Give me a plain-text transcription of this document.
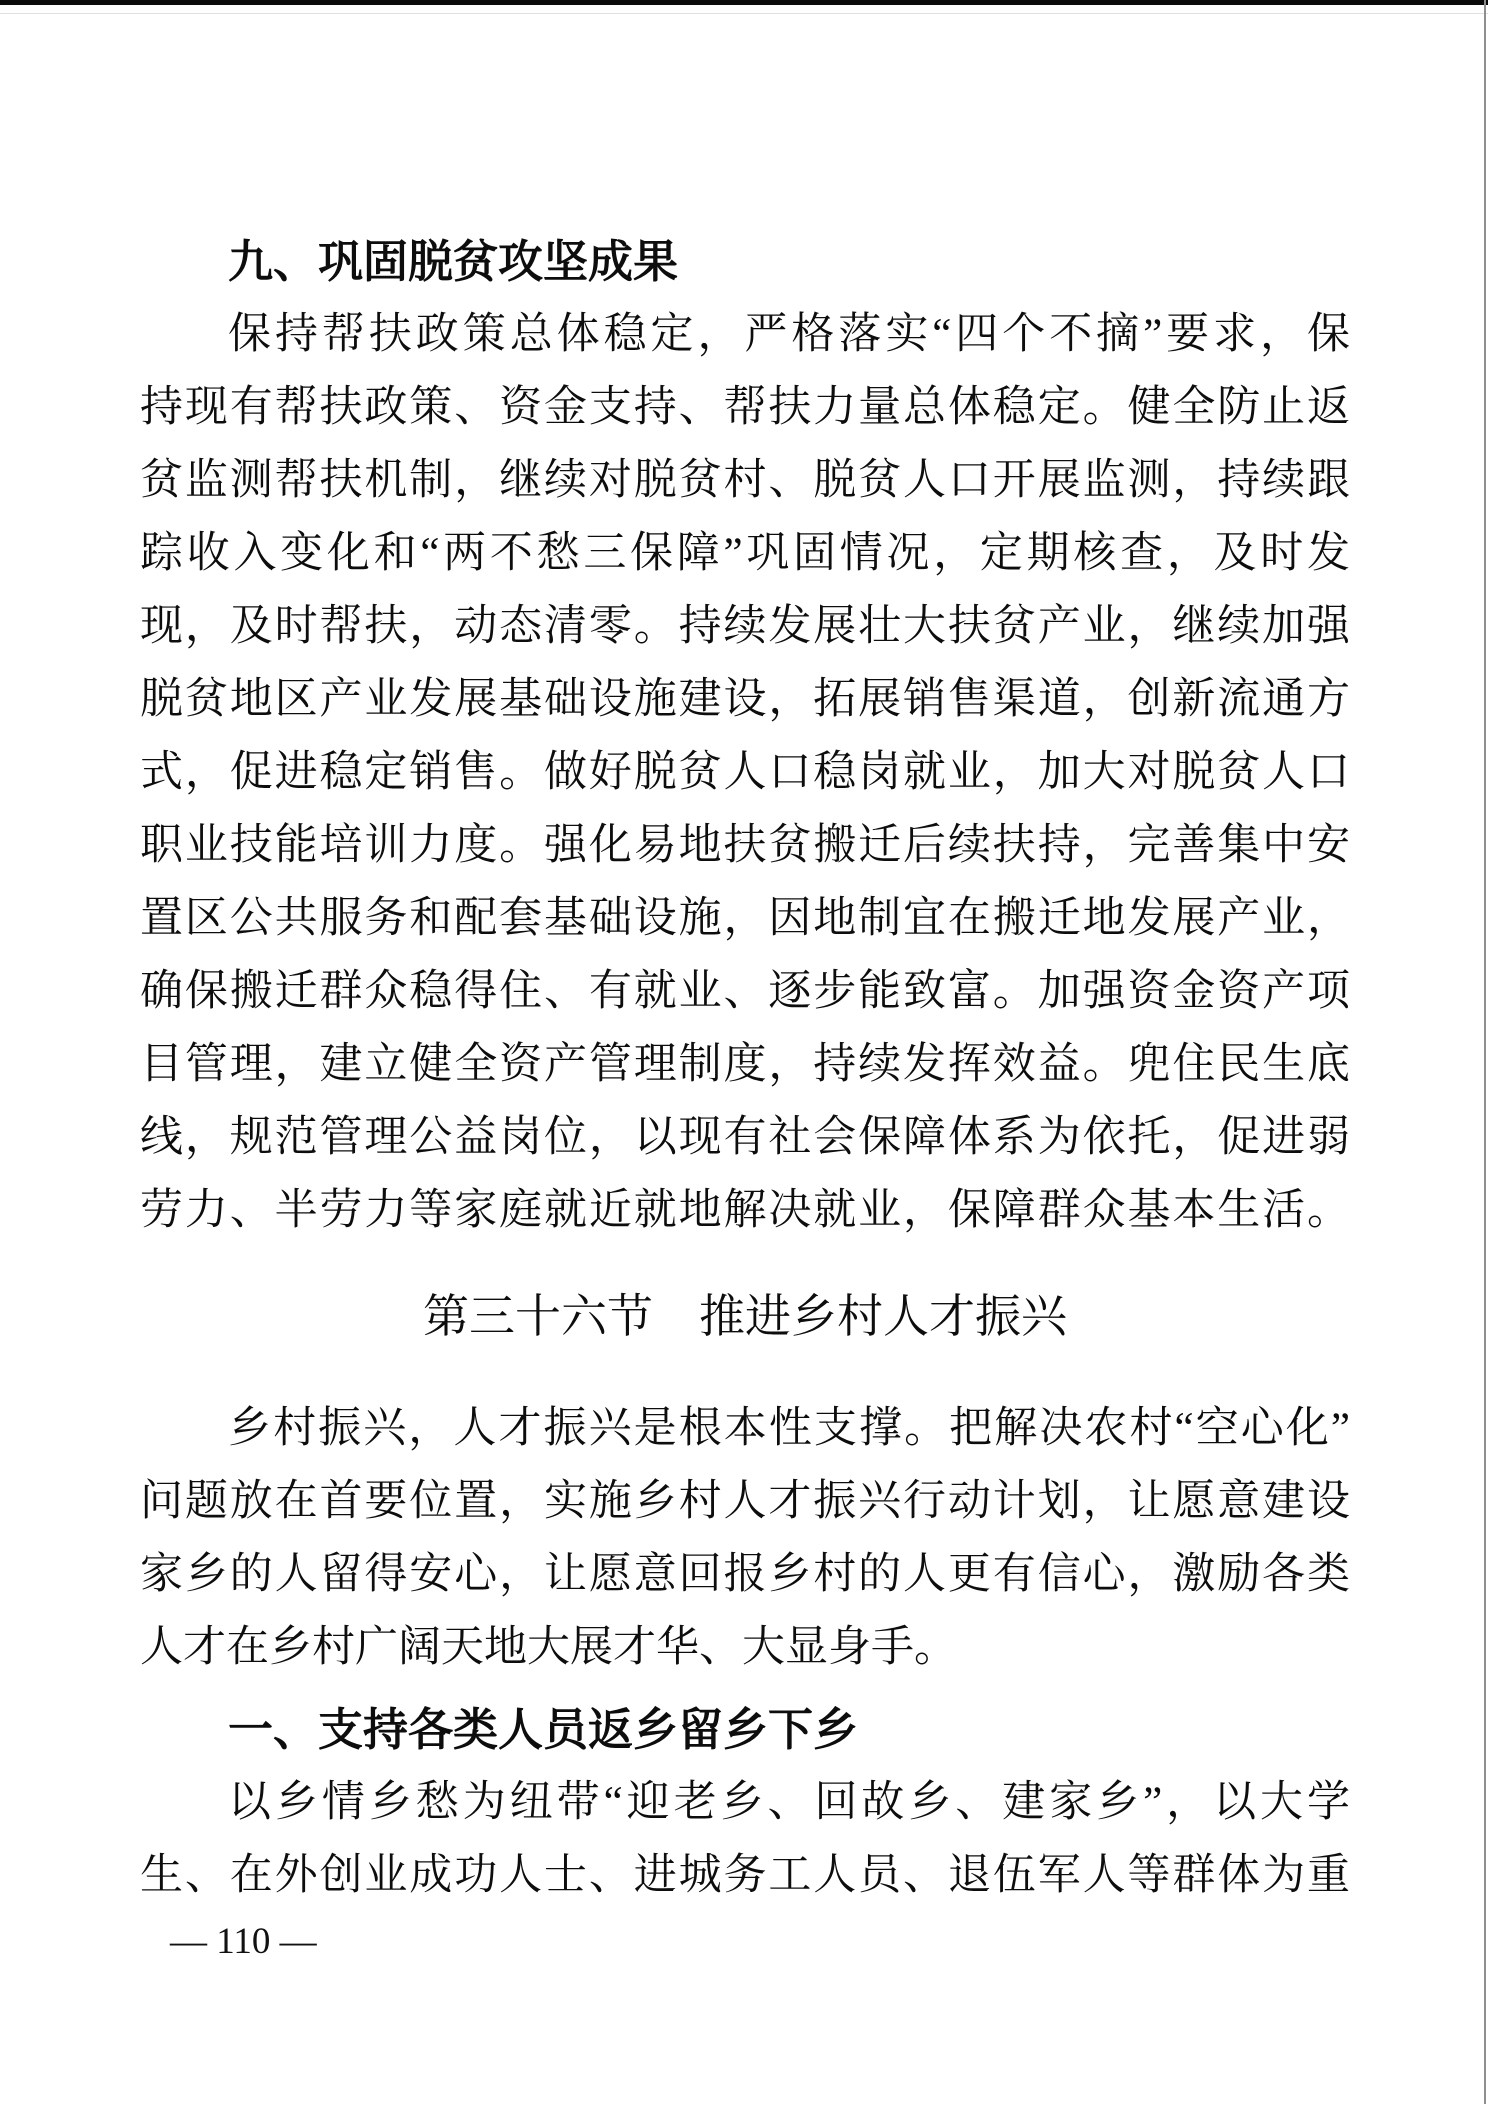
九、巩固脱贫攻坚成果
保持帮扶政策总体稳定，严格落实“四个不摘”要求，保
持现有帮扶政策、资金支持、帮扶力量总体稳定。健全防止返
贫监测帮扶机制，继续对脱贫村、脱贫人口开展监测，持续跟
踪收入变化和“两不愁三保障”巩固情况，定期核查，及时发
现，及时帮扶，动态清零。持续发展壮大扶贫产业，继续加强
脱贫地区产业发展基础设施建设，拓展销售渠道，创新流通方
式，促进稳定销售。做好脱贫人口稳岗就业，加大对脱贫人口
职业技能培训力度。强化易地扶贫搬迁后续扶持，完善集中安
置区公共服务和配套基础设施，因地制宜在搬迁地发展产业，
确保搬迁群众稳得住、有就业、逐步能致富。加强资金资产项
目管理，建立健全资产管理制度，持续发挥效益。兜住民生底
线，规范管理公益岗位，以现有社会保障体系为依托，促进弱
劳力、半劳力等家庭就近就地解决就业，保障群众基本生活。
第三十六节　推进乡村人才振兴
乡村振兴，人才振兴是根本性支撑。把解决农村“空心化”
问题放在首要位置，实施乡村人才振兴行动计划，让愿意建设
家乡的人留得安心，让愿意回报乡村的人更有信心，激励各类
人才在乡村广阔天地大展才华、大显身手。
一、支持各类人员返乡留乡下乡
以乡情乡愁为纽带“迎老乡、回故乡、建家乡”，以大学
生、在外创业成功人士、进城务工人员、退伍军人等群体为重
— 110 —
